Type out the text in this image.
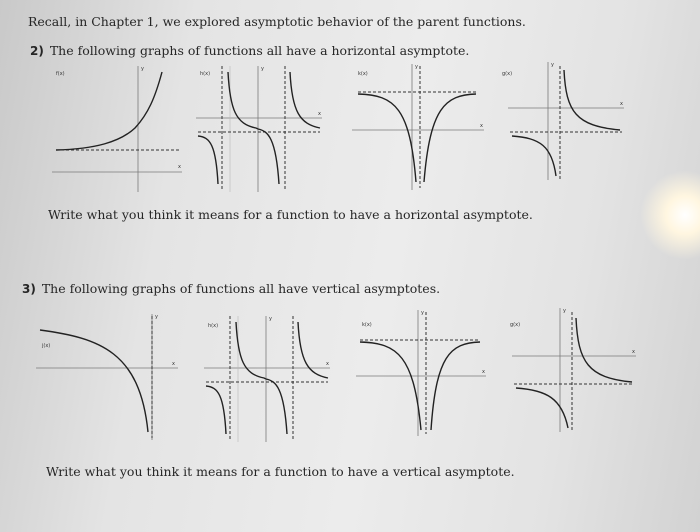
Recall, in Chapter 1, we explored asymptotic behavior of the parent functions.
2) The following graphs of functions all have a horizontal asymptote.
Write what you think it means for a function to have a horizontal asymptote.
3) The following graphs of functions all have vertical asymptotes.
Write what you think it means for a function to have a vertical asymptote.
f(x)
y
x
h(x)
y
x
k(x)
y
x
g(x)
y
x
j(x)
y
x
h(x)
y
x
k(x)
y
x
g(x)
y
x
